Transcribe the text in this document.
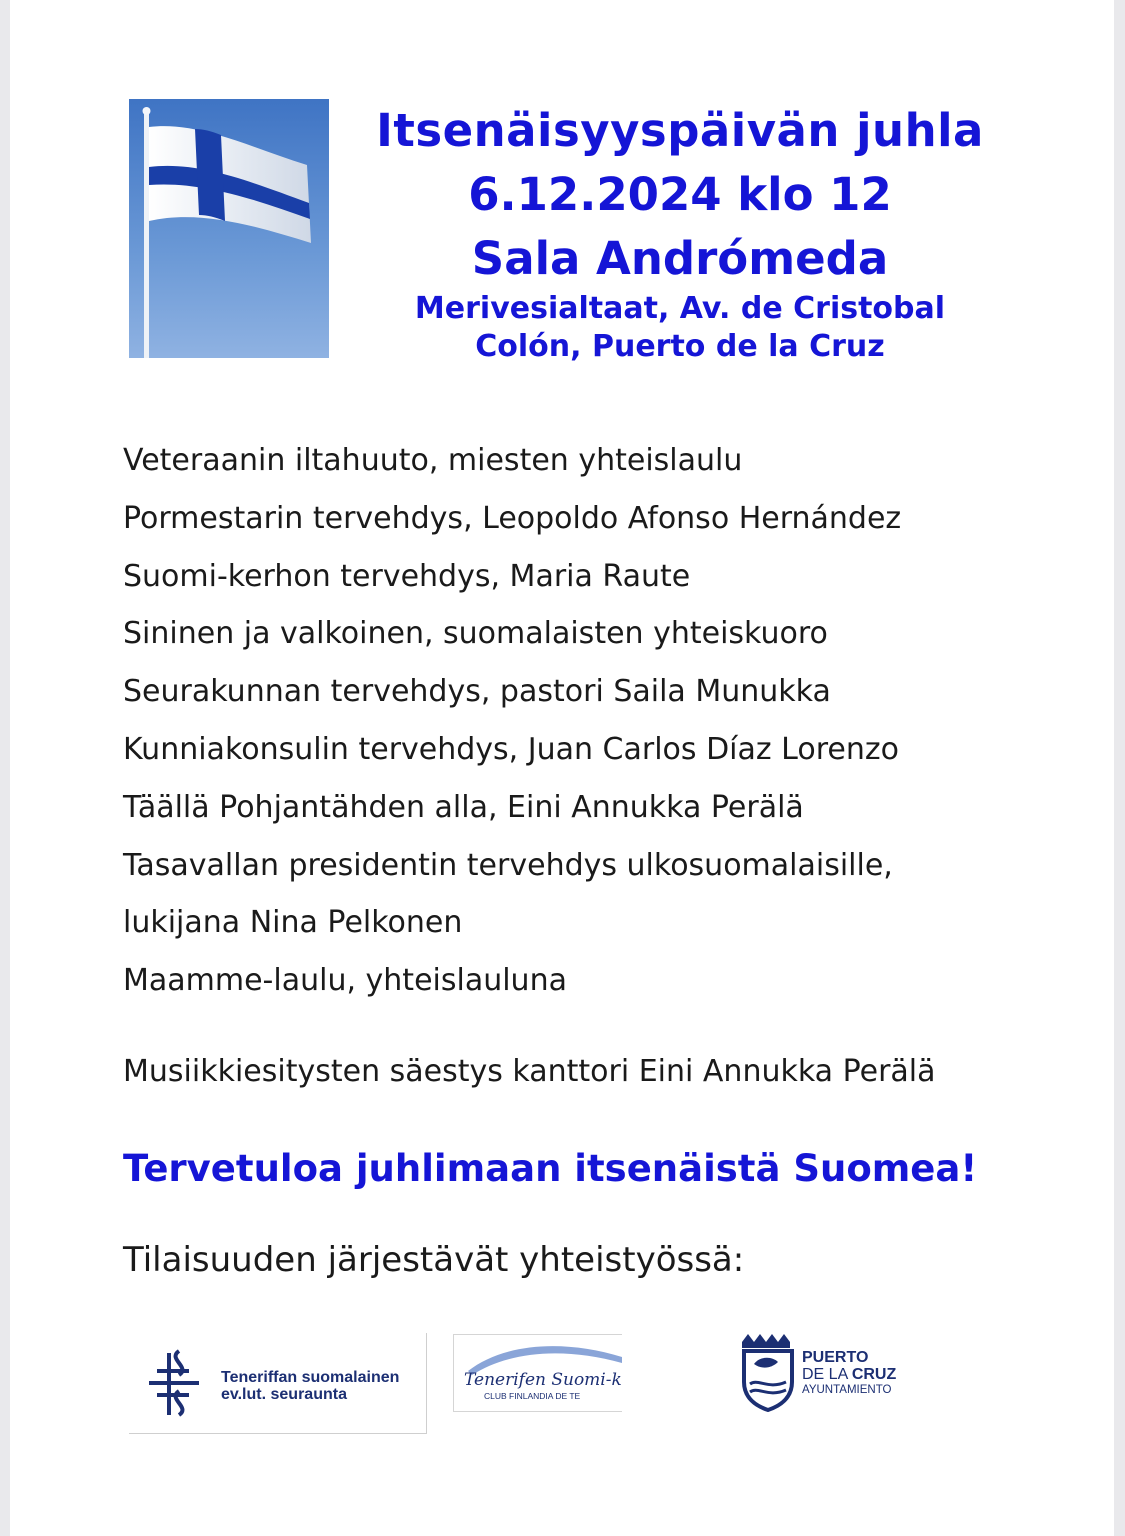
Itsenäisyyspäivän juhla
6.12.2024 klo 12
Sala Andrómeda
Merivesialtaat, Av. de Cristobal
Colón, Puerto de la Cruz
Veteraanin iltahuuto, miesten yhteislaulu
Pormestarin tervehdys, Leopoldo Afonso Hernández
Suomi-kerhon tervehdys, Maria Raute
Sininen ja valkoinen, suomalaisten yhteiskuoro
Seurakunnan tervehdys, pastori Saila Munukka
Kunniakonsulin tervehdys, Juan Carlos Díaz Lorenzo
Täällä Pohjantähden alla, Eini Annukka Perälä
Tasavallan presidentin tervehdys ulkosuomalaisille,
lukijana Nina Pelkonen
Maamme-laulu, yhteislauluna
Musiikkiesitysten säestys kanttori Eini Annukka Perälä
Tervetuloa juhlimaan itsenäistä Suomea!
Tilaisuuden järjestävät yhteistyössä:
Teneriffan suomalainen
ev.lut. seuraunta
Tenerifen Suomi-k
CLUB FINLANDIA DE TE
PUERTO
DE LA CRUZ
AYUNTAMIENTO
